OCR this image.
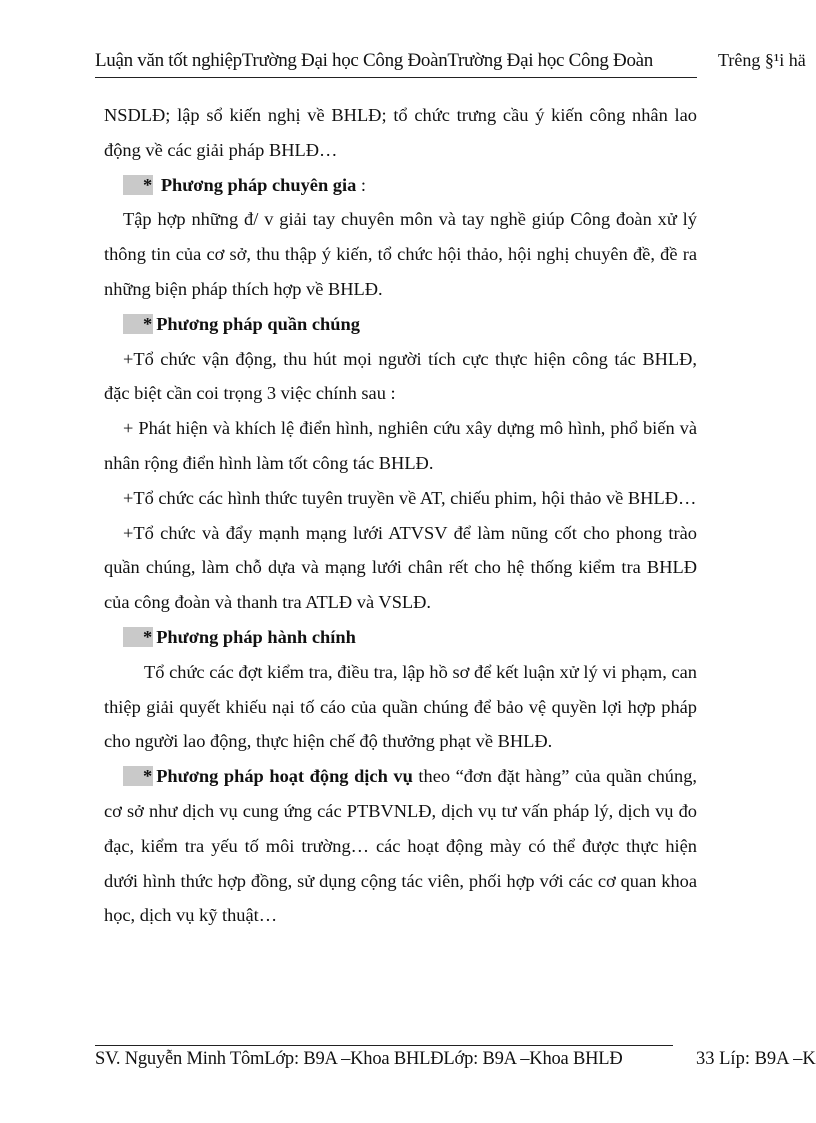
Luận văn tốt nghiệpTrường Đại học Công ĐoànTrường Đại học Công Đoàn	Trêng §¹i hä

NSDLĐ; lập sổ kiến nghị về BHLĐ; tổ chức trưng cầu ý kiến công nhân lao động về các giải pháp BHLĐ…

* Phương pháp chuyên gia :

Tập hợp những đ/ v giải tay chuyên môn và tay nghề giúp Công đoàn xử lý thông tin của cơ sở, thu thập ý kiến, tổ chức hội thảo, hội nghị chuyên đề, đề ra những biện pháp thích hợp về BHLĐ.

* Phương pháp quần chúng

+Tổ chức vận động, thu hút mọi người tích cực thực hiện công tác BHLĐ, đặc biệt cần coi trọng 3 việc chính sau :

+ Phát hiện và khích lệ điển hình, nghiên cứu xây dựng mô hình, phổ biến và nhân rộng điển hình làm tốt công tác BHLĐ.

+Tổ chức các hình thức tuyên truyền về AT, chiếu phim, hội thảo về BHLĐ…

+Tổ chức và đẩy mạnh mạng lưới ATVSV để làm nũng cốt cho phong trào quần chúng, làm chỗ dựa và mạng lưới chân rết cho hệ thống kiểm tra BHLĐ của công đoàn và thanh tra ATLĐ và VSLĐ.

* Phương pháp hành chính

Tổ chức các đợt kiểm tra, điều tra, lập hồ sơ để kết luận xử lý vi phạm, can thiệp giải quyết khiếu nại tố cáo của quần chúng để bảo vệ quyền lợi hợp pháp cho người lao động, thực hiện chế độ thưởng phạt về BHLĐ.

* Phương pháp hoạt động dịch vụ theo “đơn đặt hàng” của quần chúng, cơ sở như dịch vụ cung ứng các PTBVNLĐ, dịch vụ tư vấn pháp lý, dịch vụ đo đạc, kiểm tra yếu tố môi trường… các hoạt động mày có thể được thực hiện dưới hình thức hợp đồng, sử dụng cộng tác viên, phối hợp với các cơ quan khoa học, dịch vụ kỹ thuật…

SV. Nguyễn Minh TômLớp: B9A –Khoa BHLĐLớp: B9A –Khoa BHLĐ	33 Líp: B9A –K
